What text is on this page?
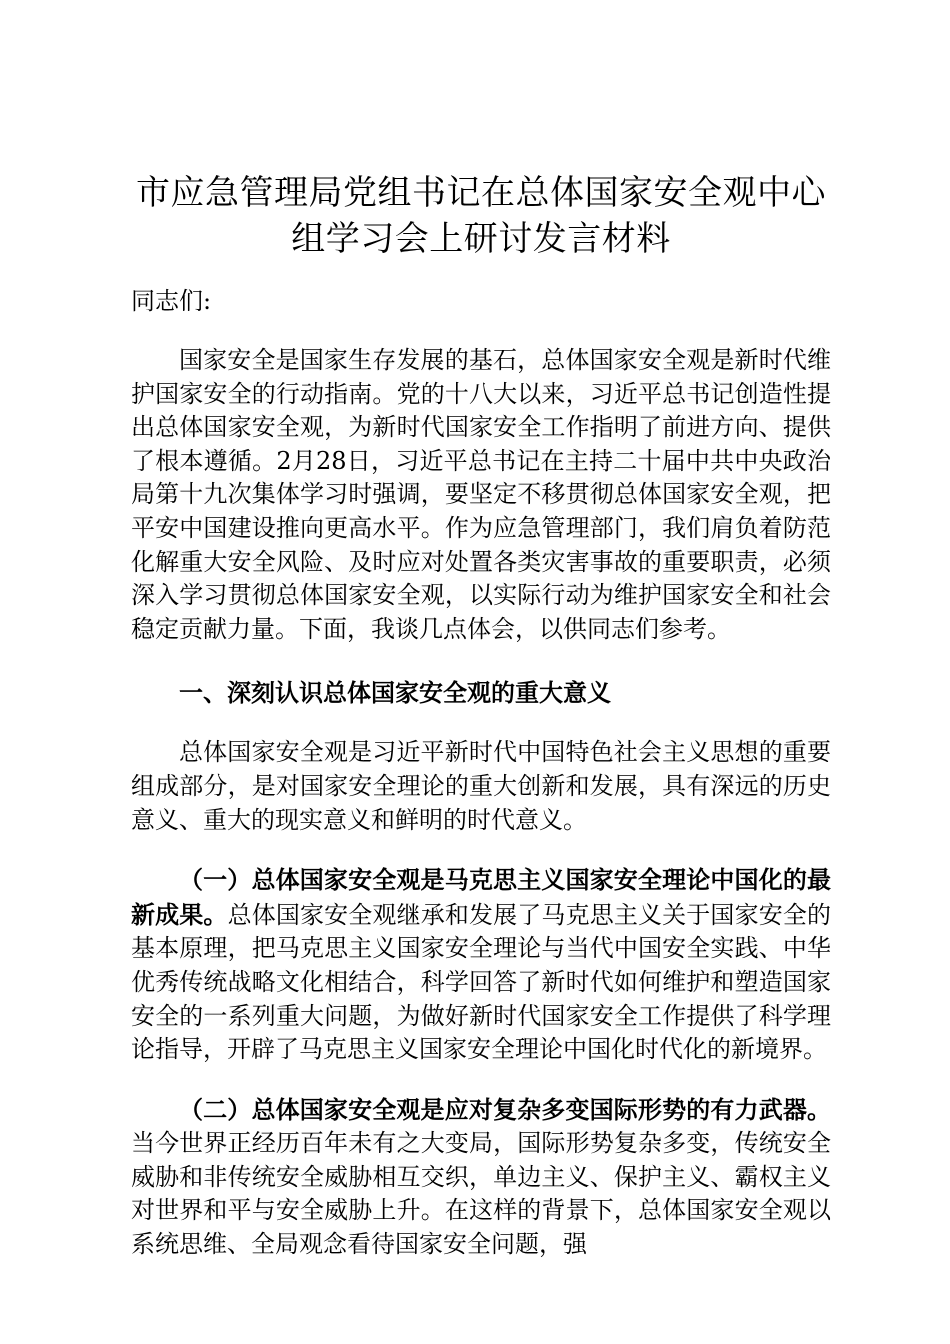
市应急管理局党组书记在总体国家安全观中心
组学习会上研讨发言材料

同志们:

国家安全是国家生存发展的基石，总体国家安全观是新时代维护国家安全的行动指南。党的十八大以来，习近平总书记创造性提出总体国家安全观，为新时代国家安全工作指明了前进方向、提供了根本遵循。2月28日，习近平总书记在主持二十届中共中央政治局第十九次集体学习时强调，要坚定不移贯彻总体国家安全观，把平安中国建设推向更高水平。作为应急管理部门，我们肩负着防范化解重大安全风险、及时应对处置各类灾害事故的重要职责，必须深入学习贯彻总体国家安全观，以实际行动为维护国家安全和社会稳定贡献力量。下面，我谈几点体会，以供同志们参考。

一、深刻认识总体国家安全观的重大意义

总体国家安全观是习近平新时代中国特色社会主义思想的重要组成部分，是对国家安全理论的重大创新和发展，具有深远的历史意义、重大的现实意义和鲜明的时代意义。

（一）总体国家安全观是马克思主义国家安全理论中国化的最新成果。总体国家安全观继承和发展了马克思主义关于国家安全的基本原理，把马克思主义国家安全理论与当代中国安全实践、中华优秀传统战略文化相结合，科学回答了新时代如何维护和塑造国家安全的一系列重大问题，为做好新时代国家安全工作提供了科学理论指导，开辟了马克思主义国家安全理论中国化时代化的新境界。

（二）总体国家安全观是应对复杂多变国际形势的有力武器。当今世界正经历百年未有之大变局，国际形势复杂多变，传统安全威胁和非传统安全威胁相互交织，单边主义、保护主义、霸权主义对世界和平与安全威胁上升。在这样的背景下，总体国家安全观以系统思维、全局观念看待国家安全问题，强
